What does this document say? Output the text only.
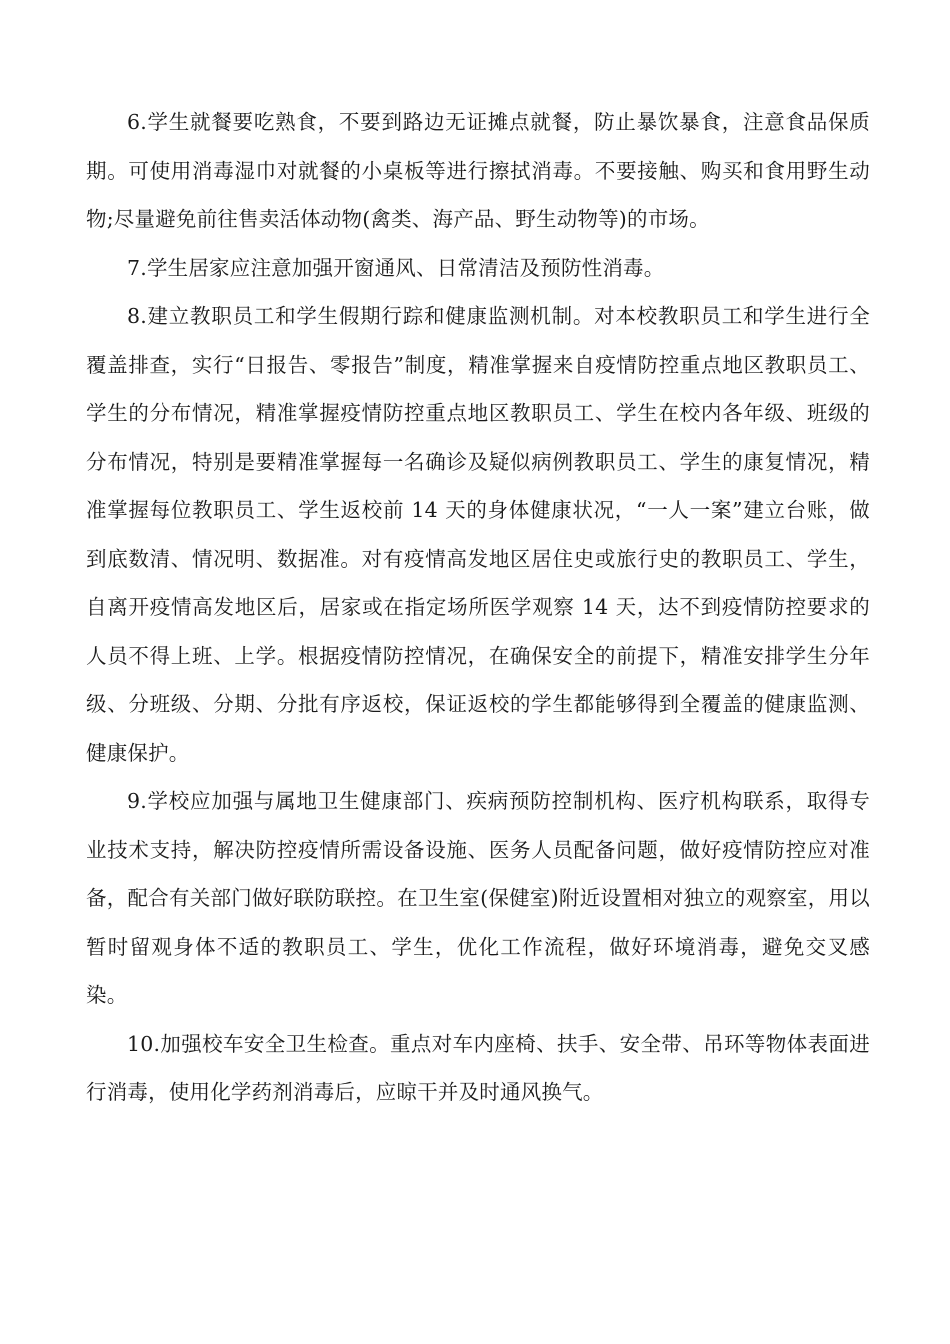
6.学生就餐要吃熟食，不要到路边无证摊点就餐，防止暴饮暴食，注意食品保质期。可使用消毒湿巾对就餐的小桌板等进行擦拭消毒。不要接触、购买和食用野生动物;尽量避免前往售卖活体动物(禽类、海产品、野生动物等)的市场。

7.学生居家应注意加强开窗通风、日常清洁及预防性消毒。

8.建立教职员工和学生假期行踪和健康监测机制。对本校教职员工和学生进行全覆盖排查，实行“日报告、零报告”制度，精准掌握来自疫情防控重点地区教职员工、学生的分布情况，精准掌握疫情防控重点地区教职员工、学生在校内各年级、班级的分布情况，特别是要精准掌握每一名确诊及疑似病例教职员工、学生的康复情况，精准掌握每位教职员工、学生返校前 14 天的身体健康状况，“一人一案”建立台账，做到底数清、情况明、数据准。对有疫情高发地区居住史或旅行史的教职员工、学生，自离开疫情高发地区后，居家或在指定场所医学观察 14 天，达不到疫情防控要求的人员不得上班、上学。根据疫情防控情况，在确保安全的前提下，精准安排学生分年级、分班级、分期、分批有序返校，保证返校的学生都能够得到全覆盖的健康监测、健康保护。

9.学校应加强与属地卫生健康部门、疾病预防控制机构、医疗机构联系，取得专业技术支持，解决防控疫情所需设备设施、医务人员配备问题，做好疫情防控应对准备，配合有关部门做好联防联控。在卫生室(保健室)附近设置相对独立的观察室，用以暂时留观身体不适的教职员工、学生，优化工作流程，做好环境消毒，避免交叉感染。

10.加强校车安全卫生检查。重点对车内座椅、扶手、安全带、吊环等物体表面进行消毒，使用化学药剂消毒后，应晾干并及时通风换气。
